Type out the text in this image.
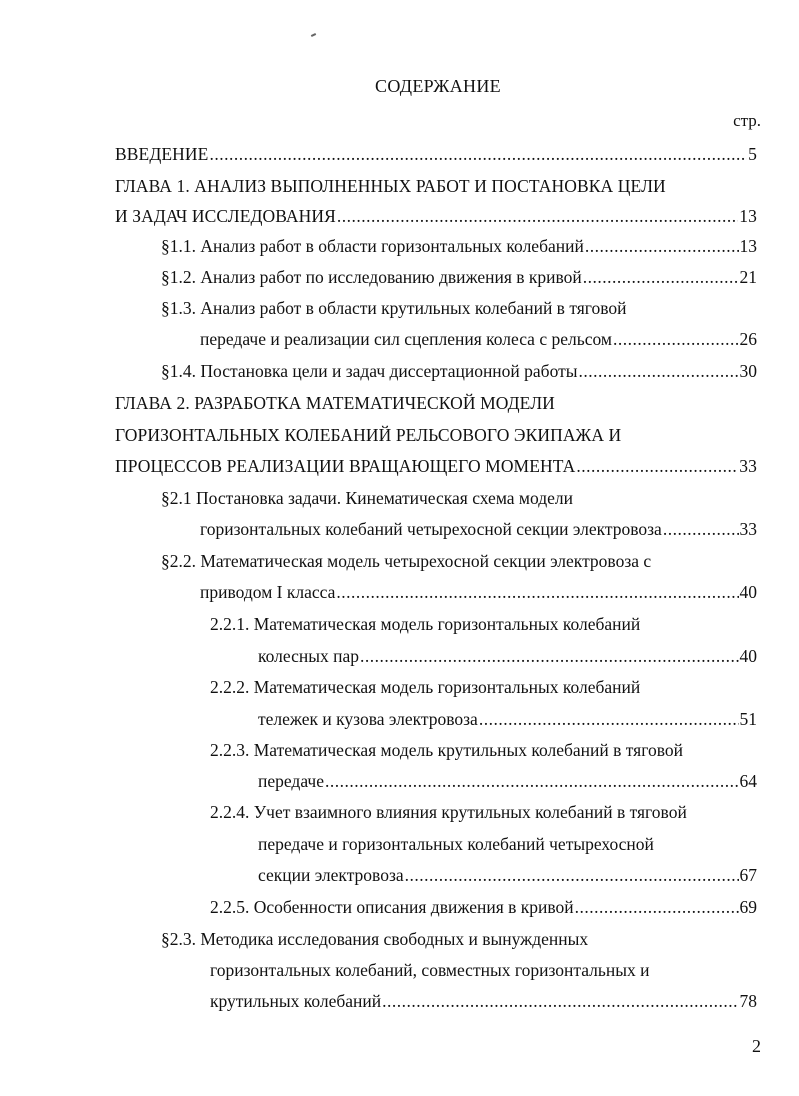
СОДЕРЖАНИЕ
стр.
ВВЕДЕНИЕ .....	5
ГЛАВА 1. АНАЛИЗ ВЫПОЛНЕННЫХ РАБОТ И ПОСТАНОВКА ЦЕЛИ
И ЗАДАЧ ИССЛЕДОВАНИЯ .....	13
§1.1. Анализ работ в области горизонтальных колебаний .....	13
§1.2. Анализ работ по исследованию движения в кривой .....	21
§1.3. Анализ работ в области крутильных колебаний в тяговой
передаче и реализации сил сцепления колеса с рельсом .....	26
§1.4. Постановка цели и задач диссертационной работы .....	30
ГЛАВА 2. РАЗРАБОТКА МАТЕМАТИЧЕСКОЙ МОДЕЛИ
ГОРИЗОНТАЛЬНЫХ КОЛЕБАНИЙ РЕЛЬСОВОГО ЭКИПАЖА И
ПРОЦЕССОВ РЕАЛИЗАЦИИ ВРАЩАЮЩЕГО МОМЕНТА .....	33
§2.1 Постановка задачи. Кинематическая схема модели
горизонтальных колебаний четырехосной секции электровоза .....	33
§2.2. Математическая модель четырехосной секции электровоза с
приводом I класса .....	40
2.2.1. Математическая модель горизонтальных колебаний
колесных пар .....	40
2.2.2. Математическая модель горизонтальных колебаний
тележек и кузова электровоза .....	51
2.2.3. Математическая модель крутильных колебаний в тяговой
передаче .....	64
2.2.4. Учет взаимного влияния крутильных колебаний в тяговой
передаче и горизонтальных колебаний четырехосной
секции электровоза .....	67
2.2.5. Особенности описания движения в кривой .....	69
§2.3. Методика исследования свободных и вынужденных
горизонтальных колебаний, совместных горизонтальных и
крутильных колебаний .....	78
2
